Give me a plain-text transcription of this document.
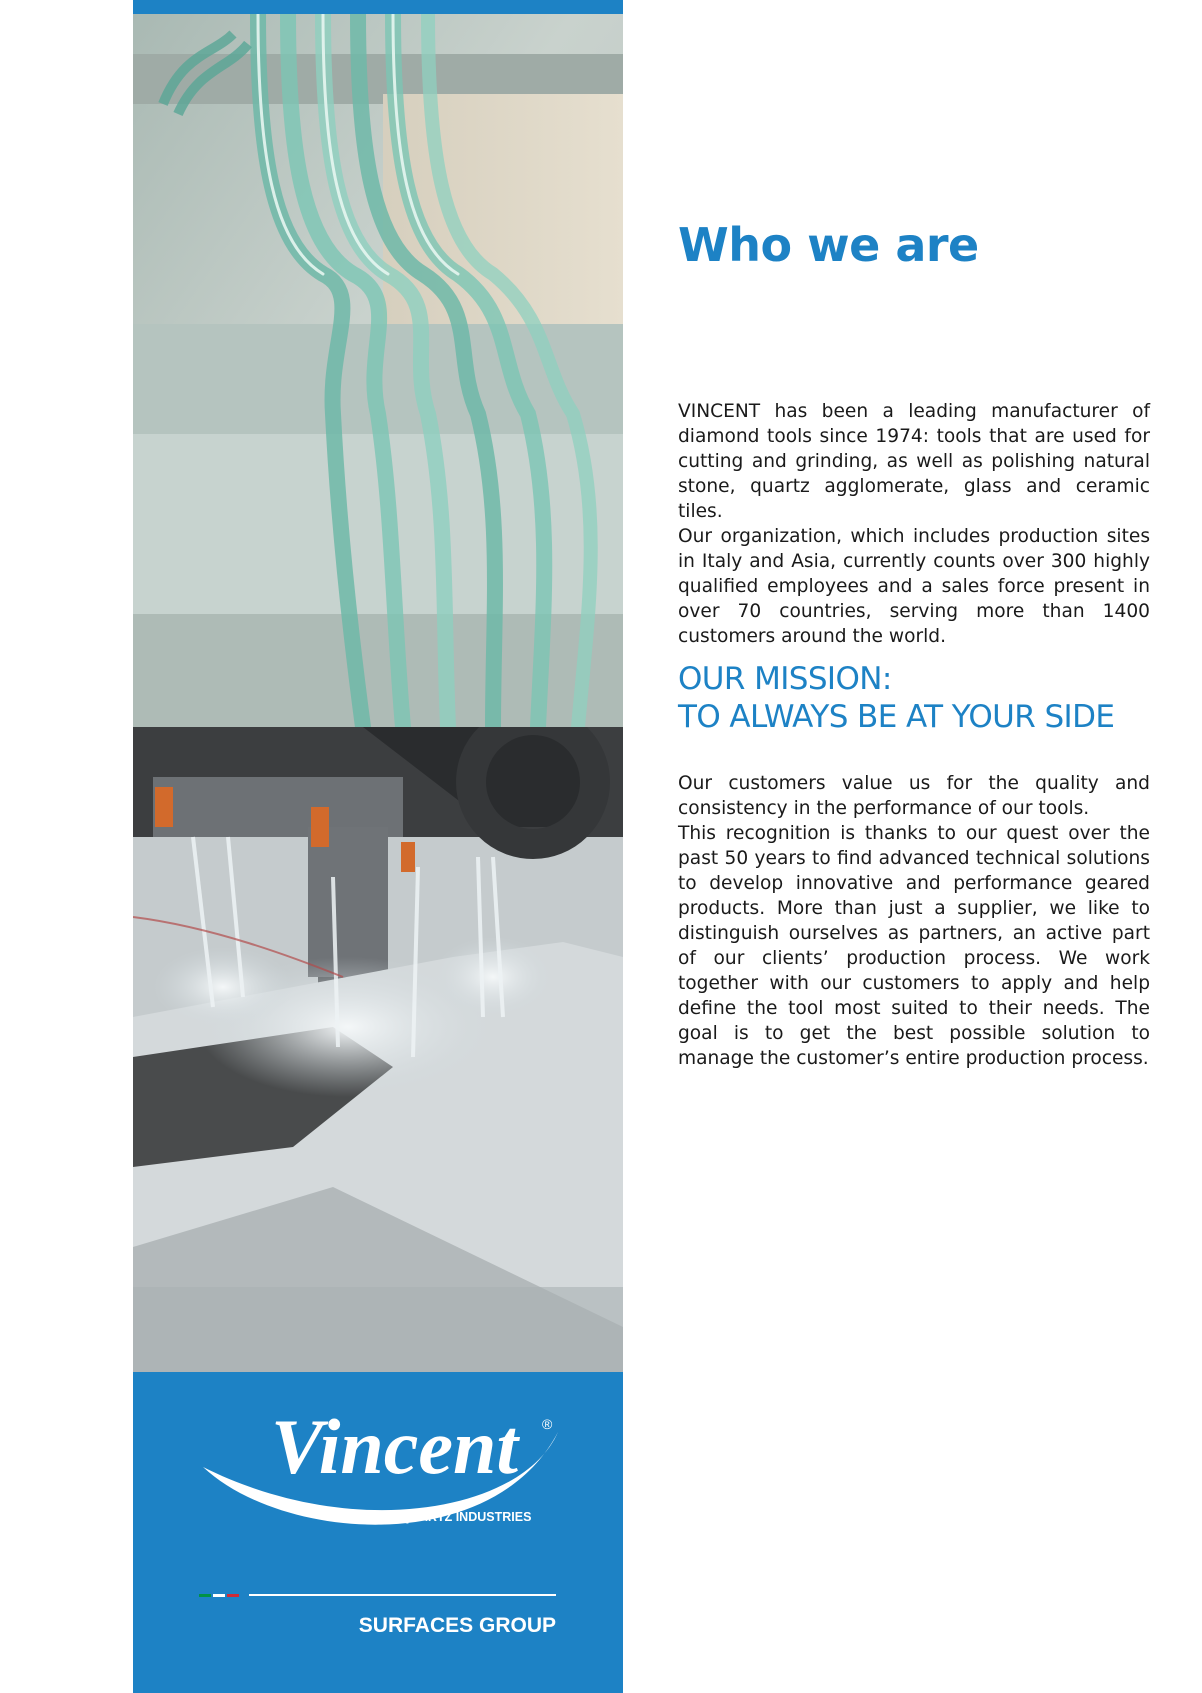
Vincent ®
TOOLS FOR QUARTZ INDUSTRIES
SURFACES GROUP
Who we are

VINCENT has been a leading manufacturer of diamond tools since 1974: tools that are used for cutting and grinding, as well as polishing natural stone, quartz agglomerate, glass and ceramic tiles.

Our organization, which includes production sites in Italy and Asia, currently counts over 300 highly qualified employees and a sales force present in over 70 countries, serving more than 1400 customers around the world.

OUR MISSION:
TO ALWAYS BE AT YOUR SIDE

Our customers value us for the quality and consistency in the performance of our tools.

This recognition is thanks to our quest over the past 50 years to find advanced technical solutions to develop innovative and performance geared products. More than just a supplier, we like to distinguish ourselves as partners, an active part of our clients’ production process. We work together with our customers to apply and help define the tool most suited to their needs. The goal is to get the best possible solution to manage the customer’s entire production process.
